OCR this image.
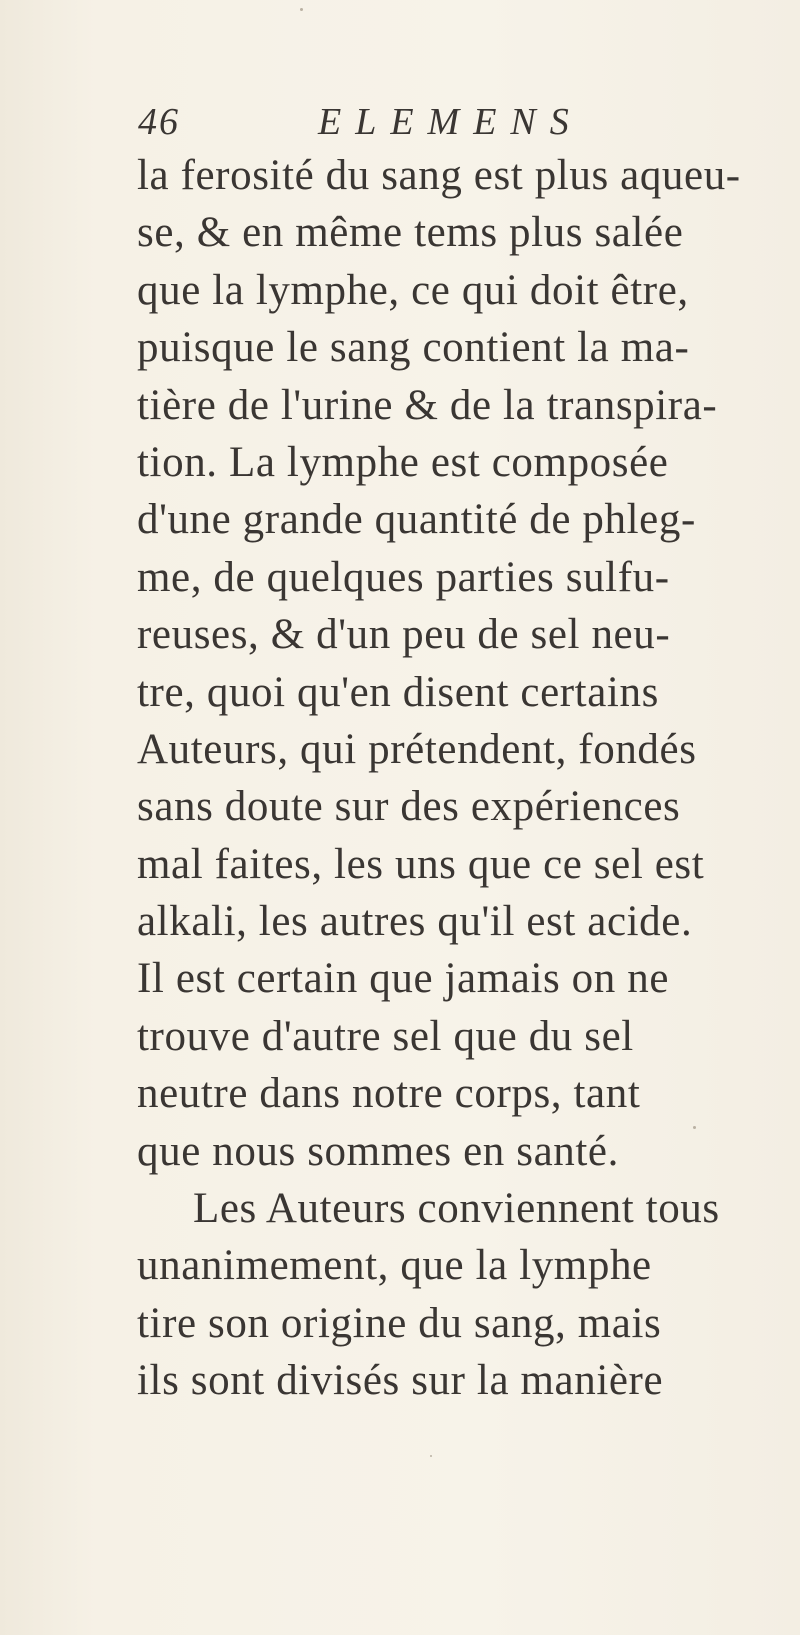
46	ELEMENS
la ferosité du sang est plus aqueu-
se, & en même tems plus salée
que la lymphe, ce qui doit être,
puisque le sang contient la ma-
tière de l'urine & de la transpira-
tion. La lymphe est composée
d'une grande quantité de phleg-
me, de quelques parties sulfu-
reuses, & d'un peu de sel neu-
tre, quoi qu'en disent certains
Auteurs, qui prétendent, fondés
sans doute sur des expériences
mal faites, les uns que ce sel est
alkali, les autres qu'il est acide.
Il est certain que jamais on ne
trouve d'autre sel que du sel
neutre dans notre corps, tant
que nous sommes en santé.
Les Auteurs conviennent tous
unanimement, que la lymphe
tire son origine du sang, mais
ils sont divisés sur la manière
